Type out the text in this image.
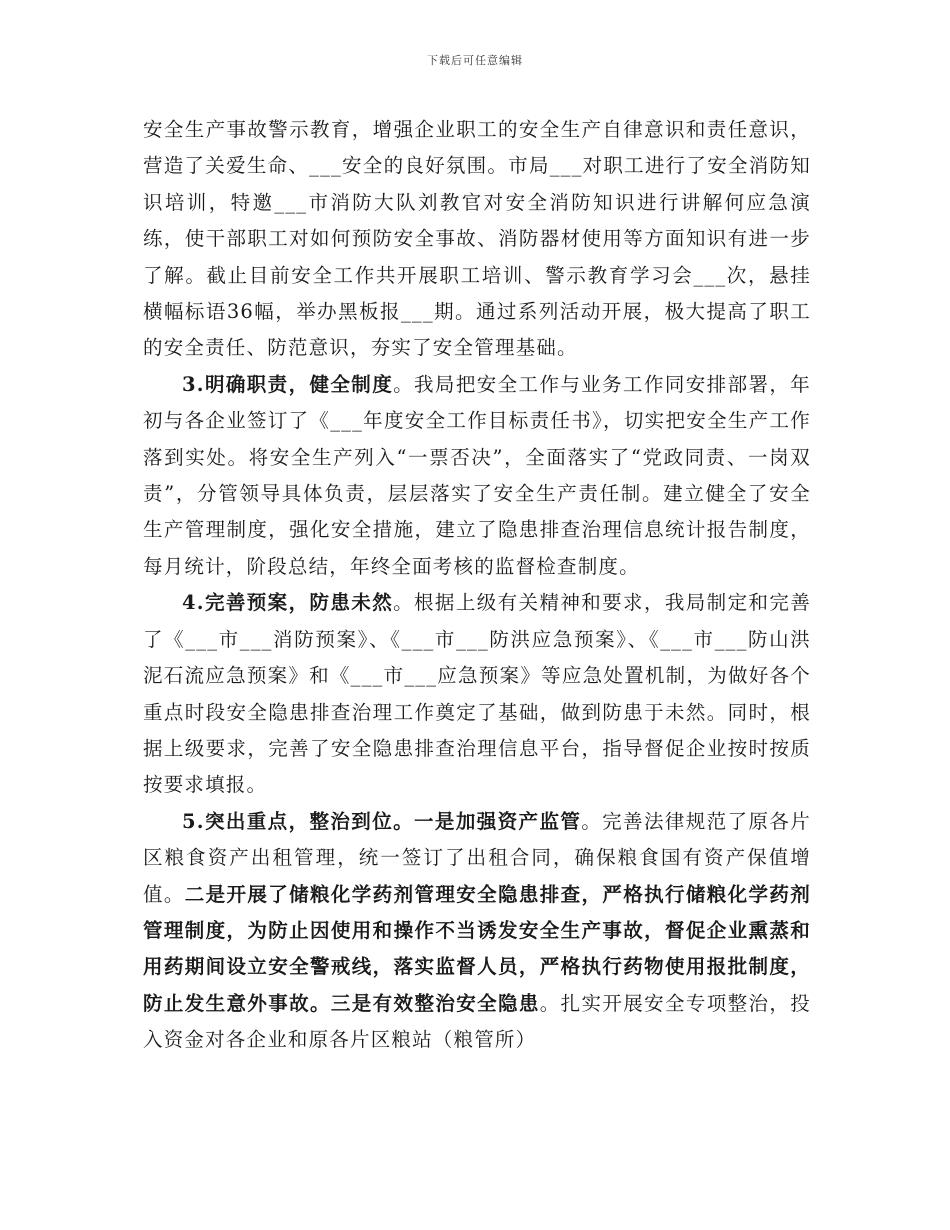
下载后可任意编辑

安全生产事故警示教育，增强企业职工的安全生产自律意识和责任意识，营造了关爱生命、___安全的良好氛围。市局___对职工进行了安全消防知识培训，特邀___市消防大队刘教官对安全消防知识进行讲解何应急演练，使干部职工对如何预防安全事故、消防器材使用等方面知识有进一步了解。截止目前安全工作共开展职工培训、警示教育学习会___次，悬挂横幅标语36幅，举办黑板报___期。通过系列活动开展，极大提高了职工的安全责任、防范意识，夯实了安全管理基础。

3.明确职责，健全制度。我局把安全工作与业务工作同安排部署，年初与各企业签订了《___年度安全工作目标责任书》，切实把安全生产工作落到实处。将安全生产列入“一票否决”，全面落实了“党政同责、一岗双责”，分管领导具体负责，层层落实了安全生产责任制。建立健全了安全生产管理制度，强化安全措施，建立了隐患排查治理信息统计报告制度，每月统计，阶段总结，年终全面考核的监督检查制度。

4.完善预案，防患未然。根据上级有关精神和要求，我局制定和完善了《___市___消防预案》、《___市___防洪应急预案》、《___市___防山洪泥石流应急预案》和《___市___应急预案》等应急处置机制，为做好各个重点时段安全隐患排查治理工作奠定了基础，做到防患于未然。同时，根据上级要求，完善了安全隐患排查治理信息平台，指导督促企业按时按质按要求填报。

5.突出重点，整治到位。一是加强资产监管。完善法律规范了原各片区粮食资产出租管理，统一签订了出租合同，确保粮食国有资产保值增值。二是开展了储粮化学药剂管理安全隐患排查，严格执行储粮化学药剂管理制度，为防止因使用和操作不当诱发安全生产事故，督促企业熏蒸和用药期间设立安全警戒线，落实监督人员，严格执行药物使用报批制度，防止发生意外事故。三是有效整治安全隐患。扎实开展安全专项整治，投入资金对各企业和原各片区粮站（粮管所）
